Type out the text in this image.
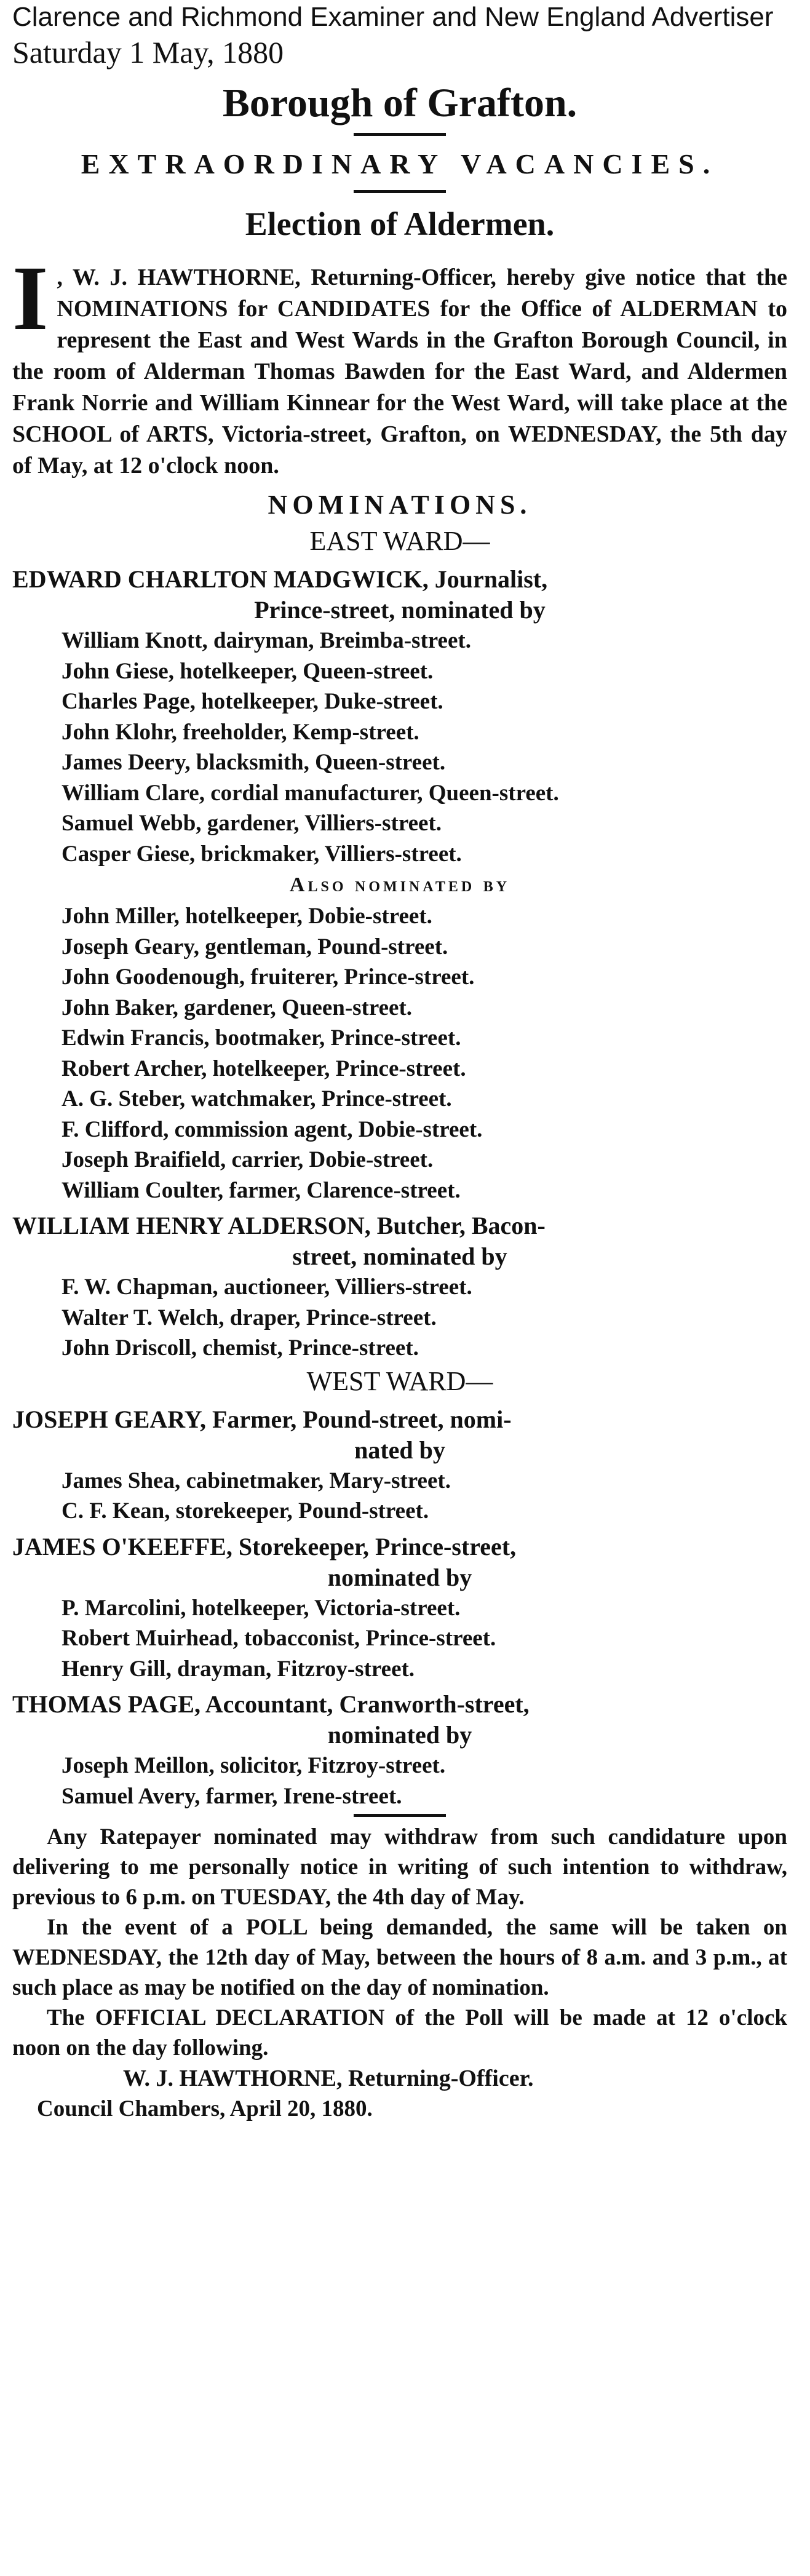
Clarence and Richmond Examiner and New England Advertiser
Saturday 1 May, 1880
Borough of Grafton.
EXTRAORDINARY VACANCIES.
Election of Aldermen.
I , W. J. HAWTHORNE, Returning-Officer, hereby give notice that the NOMINATIONS for CANDIDATES for the Office of ALDERMAN to represent the East and West Wards in the Grafton Borough Council, in the room of Alderman Thomas Bawden for the East Ward, and Aldermen Frank Norrie and William Kinnear for the West Ward, will take place at the SCHOOL of ARTS, Victoria-street, Grafton, on WEDNESDAY, the 5th day of May, at 12 o'clock noon.
NOMINATIONS.
EAST WARD—
EDWARD CHARLTON MADGWICK, Journalist,
Prince-street, nominated by
William Knott, dairyman, Breimba-street.
John Giese, hotelkeeper, Queen-street.
Charles Page, hotelkeeper, Duke-street.
John Klohr, freeholder, Kemp-street.
James Deery, blacksmith, Queen-street.
William Clare, cordial manufacturer, Queen-street.
Samuel Webb, gardener, Villiers-street.
Casper Giese, brickmaker, Villiers-street.
Also nominated by
John Miller, hotelkeeper, Dobie-street.
Joseph Geary, gentleman, Pound-street.
John Goodenough, fruiterer, Prince-street.
John Baker, gardener, Queen-street.
Edwin Francis, bootmaker, Prince-street.
Robert Archer, hotelkeeper, Prince-street.
A. G. Steber, watchmaker, Prince-street.
F. Clifford, commission agent, Dobie-street.
Joseph Braifield, carrier, Dobie-street.
William Coulter, farmer, Clarence-street.
WILLIAM HENRY ALDERSON, Butcher, Bacon-
street, nominated by
F. W. Chapman, auctioneer, Villiers-street.
Walter T. Welch, draper, Prince-street.
John Driscoll, chemist, Prince-street.
WEST WARD—
JOSEPH GEARY, Farmer, Pound-street, nomi-
nated by
James Shea, cabinetmaker, Mary-street.
C. F. Kean, storekeeper, Pound-street.
JAMES O'KEEFFE, Storekeeper, Prince-street,
nominated by
P. Marcolini, hotelkeeper, Victoria-street.
Robert Muirhead, tobacconist, Prince-street.
Henry Gill, drayman, Fitzroy-street.
THOMAS PAGE, Accountant, Cranworth-street,
nominated by
Joseph Meillon, solicitor, Fitzroy-street.
Samuel Avery, farmer, Irene-street.
Any Ratepayer nominated may withdraw from such candidature upon delivering to me personally notice in writing of such intention to withdraw, previous to 6 p.m. on TUESDAY, the 4th day of May.
In the event of a POLL being demanded, the same will be taken on WEDNESDAY, the 12th day of May, between the hours of 8 a.m. and 3 p.m., at such place as may be notified on the day of nomination.
The OFFICIAL DECLARATION of the Poll will be made at 12 o'clock noon on the day following.
W. J. HAWTHORNE, Returning-Officer.
Council Chambers, April 20, 1880.
